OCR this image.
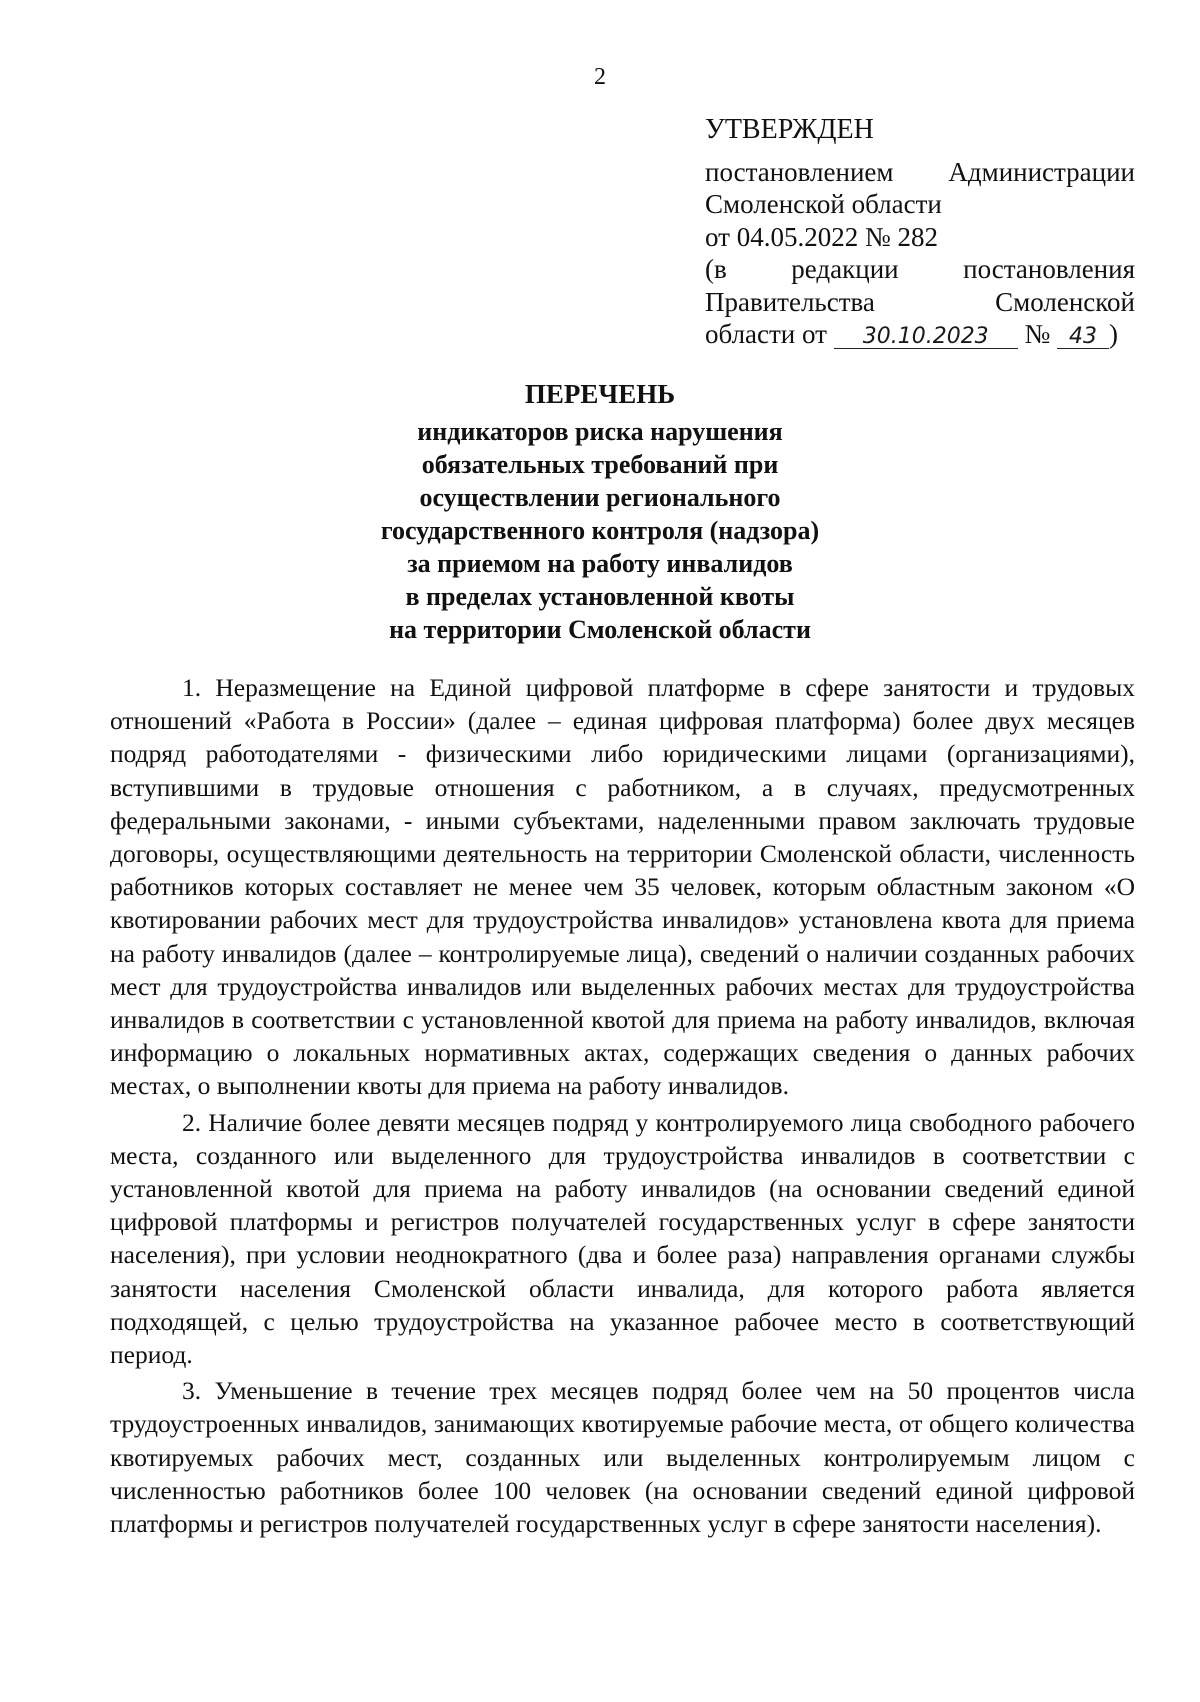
2
УТВЕРЖДЕН
постановлением Администрации
Смоленской области
от 04.05.2022 № 282
(в редакции постановления
Правительства Смоленской
области от 30.10.2023 № 43 )
ПЕРЕЧЕНЬ
индикаторов риска нарушения
обязательных требований при
осуществлении регионального
государственного контроля (надзора)
за приемом на работу инвалидов
в пределах установленной квоты
на территории Смоленской области

1. Неразмещение на Единой цифровой платформе в сфере занятости и трудовых отношений «Работа в России» (далее – единая цифровая платформа) более двух месяцев подряд работодателями - физическими либо юридическими лицами (организациями), вступившими в трудовые отношения с работником, а в случаях, предусмотренных федеральными законами, - иными субъектами, наделенными правом заключать трудовые договоры, осуществляющими деятельность на территории Смоленской области, численность работников которых составляет не менее чем 35 человек, которым областным законом «О квотировании рабочих мест для трудоустройства инвалидов» установлена квота для приема на работу инвалидов (далее – контролируемые лица), сведений о наличии созданных рабочих мест для трудоустройства инвалидов или выделенных рабочих местах для трудоустройства инвалидов в соответствии с установленной квотой для приема на работу инвалидов, включая информацию о локальных нормативных актах, содержащих сведения о данных рабочих местах, о выполнении квоты для приема на работу инвалидов.

2. Наличие более девяти месяцев подряд у контролируемого лица свободного рабочего места, созданного или выделенного для трудоустройства инвалидов в соответствии с установленной квотой для приема на работу инвалидов (на основании сведений единой цифровой платформы и регистров получателей государственных услуг в сфере занятости населения), при условии неоднократного (два и более раза) направления органами службы занятости населения Смоленской области инвалида, для которого работа является подходящей, с целью трудоустройства на указанное рабочее место в соответствующий период.

3. Уменьшение в течение трех месяцев подряд более чем на 50 процентов числа трудоустроенных инвалидов, занимающих квотируемые рабочие места, от общего количества квотируемых рабочих мест, созданных или выделенных контролируемым лицом с численностью работников более 100 человек (на основании сведений единой цифровой платформы и регистров получателей государственных услуг в сфере занятости населения).
